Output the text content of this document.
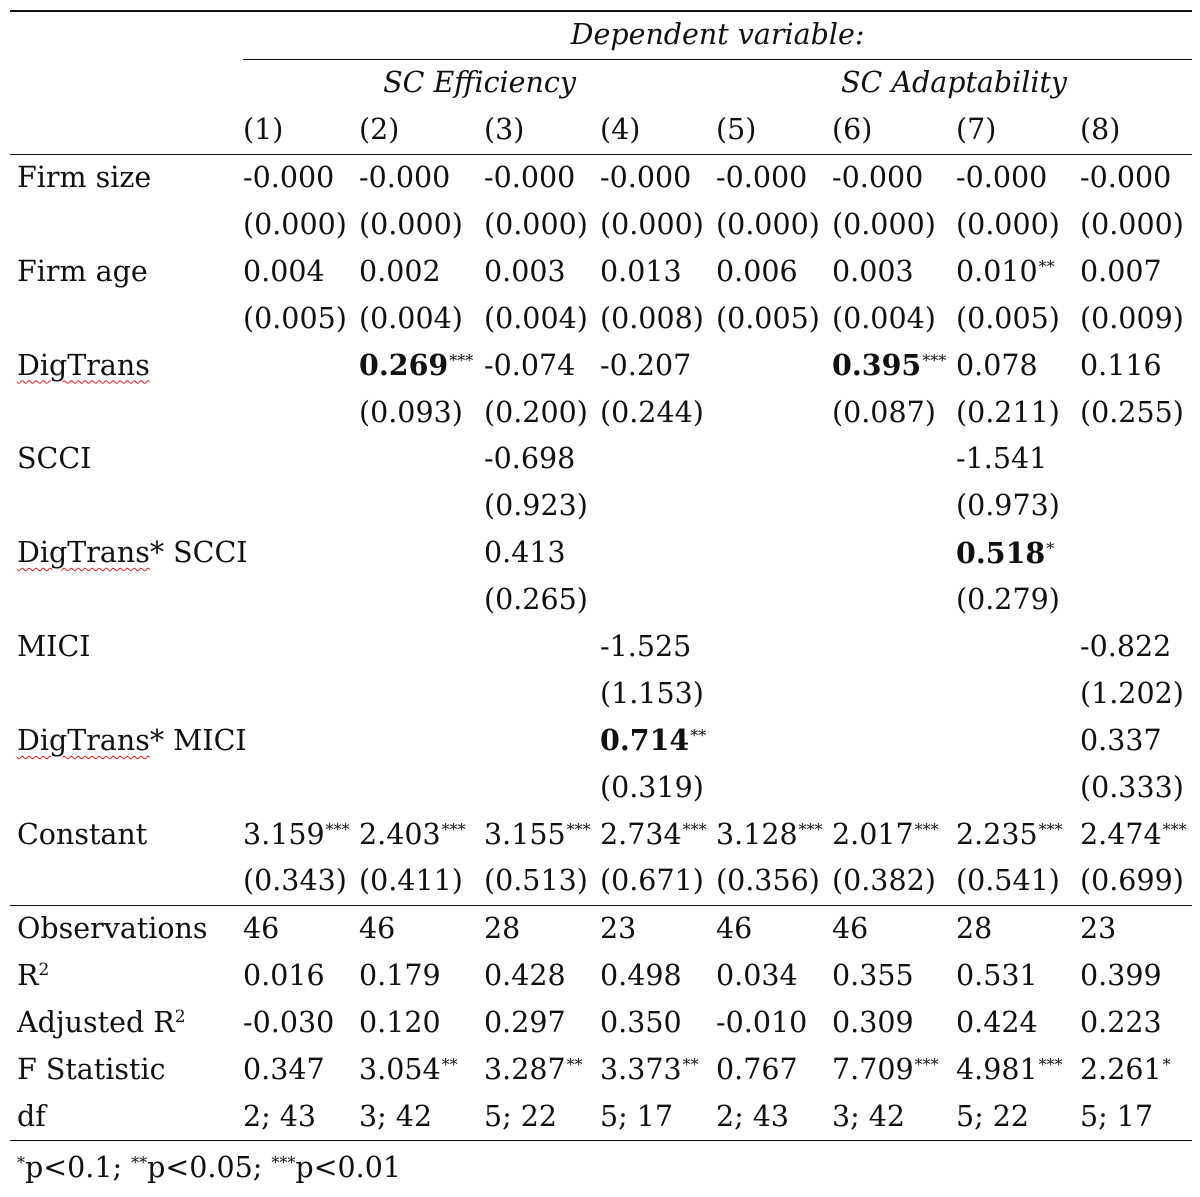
	Dependent variable:							
	SC Efficiency				SC Adaptability			
	(1)	(2)	(3)	(4)	(5)	(6)	(7)	(8)
Firm size	-0.000	-0.000	-0.000	-0.000	-0.000	-0.000	-0.000	-0.000
	(0.000)	(0.000)	(0.000)	(0.000)	(0.000)	(0.000)	(0.000)	(0.000)
Firm age	0.004	0.002	0.003	0.013	0.006	0.003	0.010**	0.007
	(0.005)	(0.004)	(0.004)	(0.008)	(0.005)	(0.004)	(0.005)	(0.009)
DigTrans		0.269***	-0.074	-0.207		0.395***	0.078	0.116
		(0.093)	(0.200)	(0.244)		(0.087)	(0.211)	(0.255)
SCCI			-0.698				-1.541	
			(0.923)				(0.973)	
DigTrans* SCCI			0.413				0.518*	
			(0.265)				(0.279)	
MICI				-1.525				-0.822
				(1.153)				(1.202)
DigTrans* MICI				0.714**				0.337
				(0.319)				(0.333)
Constant	3.159***	2.403***	3.155***	2.734***	3.128***	2.017***	2.235***	2.474***
	(0.343)	(0.411)	(0.513)	(0.671)	(0.356)	(0.382)	(0.541)	(0.699)
Observations	46	46	28	23	46	46	28	23
$R^2$	0.016	0.179	0.428	0.498	0.034	0.355	0.531	0.399
Adjusted $R^2$	-0.030	0.120	0.297	0.350	-0.010	0.309	0.424	0.223
F Statistic	0.347	3.054**	3.287**	3.373**	0.767	7.709***	4.981***	2.261*
df	2; 43	3; 42	5; 22	5; 17	2; 43	3; 42	5; 22	5; 17
*p<0.1; **p<0.05; ***p<0.01
